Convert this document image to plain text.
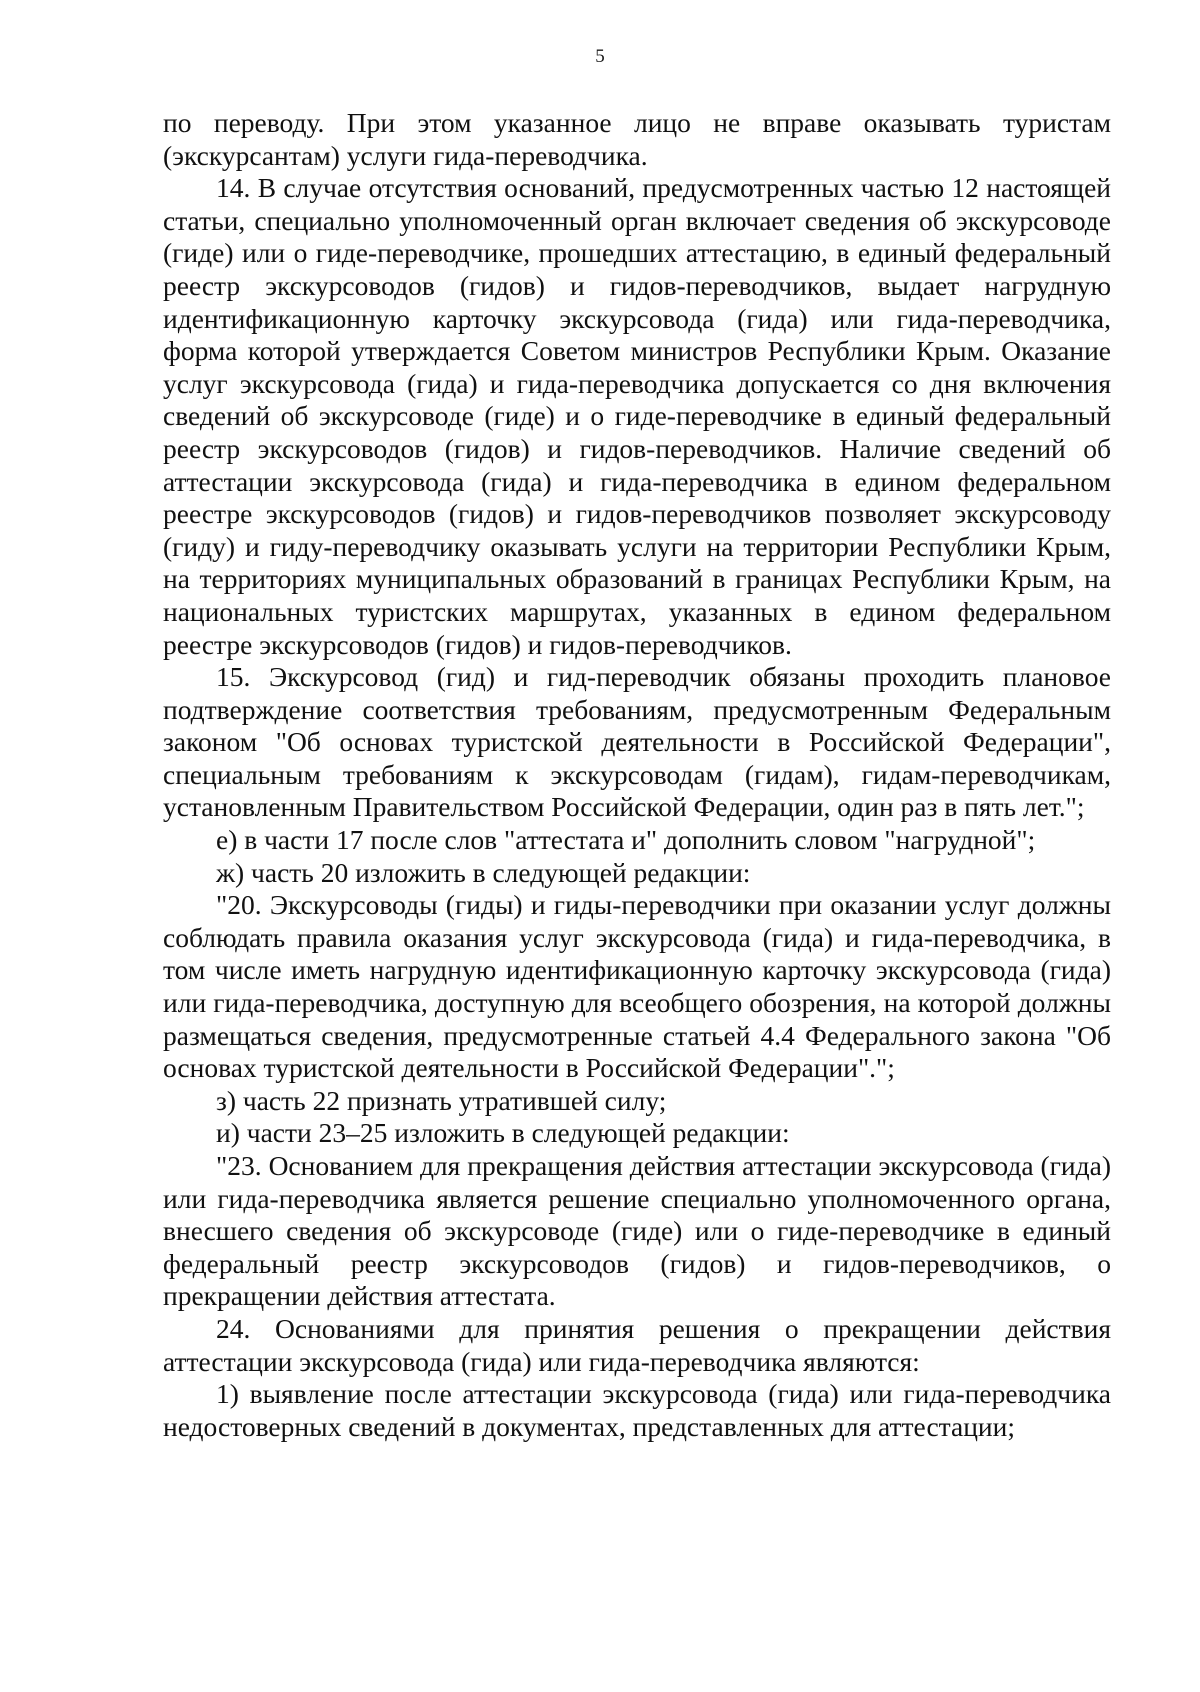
5

по переводу. При этом указанное лицо не вправе оказывать туристам (экскурсантам) услуги гида-переводчика.

14. В случае отсутствия оснований, предусмотренных частью 12 настоящей статьи, специально уполномоченный орган включает сведения об экскурсоводе (гиде) или о гиде-переводчике, прошедших аттестацию, в единый федеральный реестр экскурсоводов (гидов) и гидов-переводчиков, выдает нагрудную идентификационную карточку экскурсовода (гида) или гида-переводчика, форма которой утверждается Советом министров Республики Крым. Оказание услуг экскурсовода (гида) и гида-переводчика допускается со дня включения сведений об экскурсоводе (гиде) и о гиде-переводчике в единый федеральный реестр экскурсоводов (гидов) и гидов-переводчиков. Наличие сведений об аттестации экскурсовода (гида) и гида-переводчика в едином федеральном реестре экскурсоводов (гидов) и гидов-переводчиков позволяет экскурсоводу (гиду) и гиду-переводчику оказывать услуги на территории Республики Крым, на территориях муниципальных образований в границах Республики Крым, на национальных туристских маршрутах, указанных в едином федеральном реестре экскурсоводов (гидов) и гидов-переводчиков.

15. Экскурсовод (гид) и гид-переводчик обязаны проходить плановое подтверждение соответствия требованиям, предусмотренным Федеральным законом "Об основах туристской деятельности в Российской Федерации", специальным требованиям к экскурсоводам (гидам), гидам-переводчикам, установленным Правительством Российской Федерации, один раз в пять лет.";

е) в части 17 после слов "аттестата и" дополнить словом "нагрудной";

ж) часть 20 изложить в следующей редакции:

"20. Экскурсоводы (гиды) и гиды-переводчики при оказании услуг должны соблюдать правила оказания услуг экскурсовода (гида) и гида-переводчика, в том числе иметь нагрудную идентификационную карточку экскурсовода (гида) или гида-переводчика, доступную для всеобщего обозрения, на которой должны размещаться сведения, предусмотренные статьей 4.4 Федерального закона "Об основах туристской деятельности в Российской Федерации".";

з) часть 22 признать утратившей силу;

и) части 23–25 изложить в следующей редакции:

"23. Основанием для прекращения действия аттестации экскурсовода (гида) или гида-переводчика является решение специально уполномоченного органа, внесшего сведения об экскурсоводе (гиде) или о гиде-переводчике в единый федеральный реестр экскурсоводов (гидов) и гидов-переводчиков, о прекращении действия аттестата.

24. Основаниями для принятия решения о прекращении действия аттестации экскурсовода (гида) или гида-переводчика являются:

1) выявление после аттестации экскурсовода (гида) или гида-переводчика недостоверных сведений в документах, представленных для аттестации;
